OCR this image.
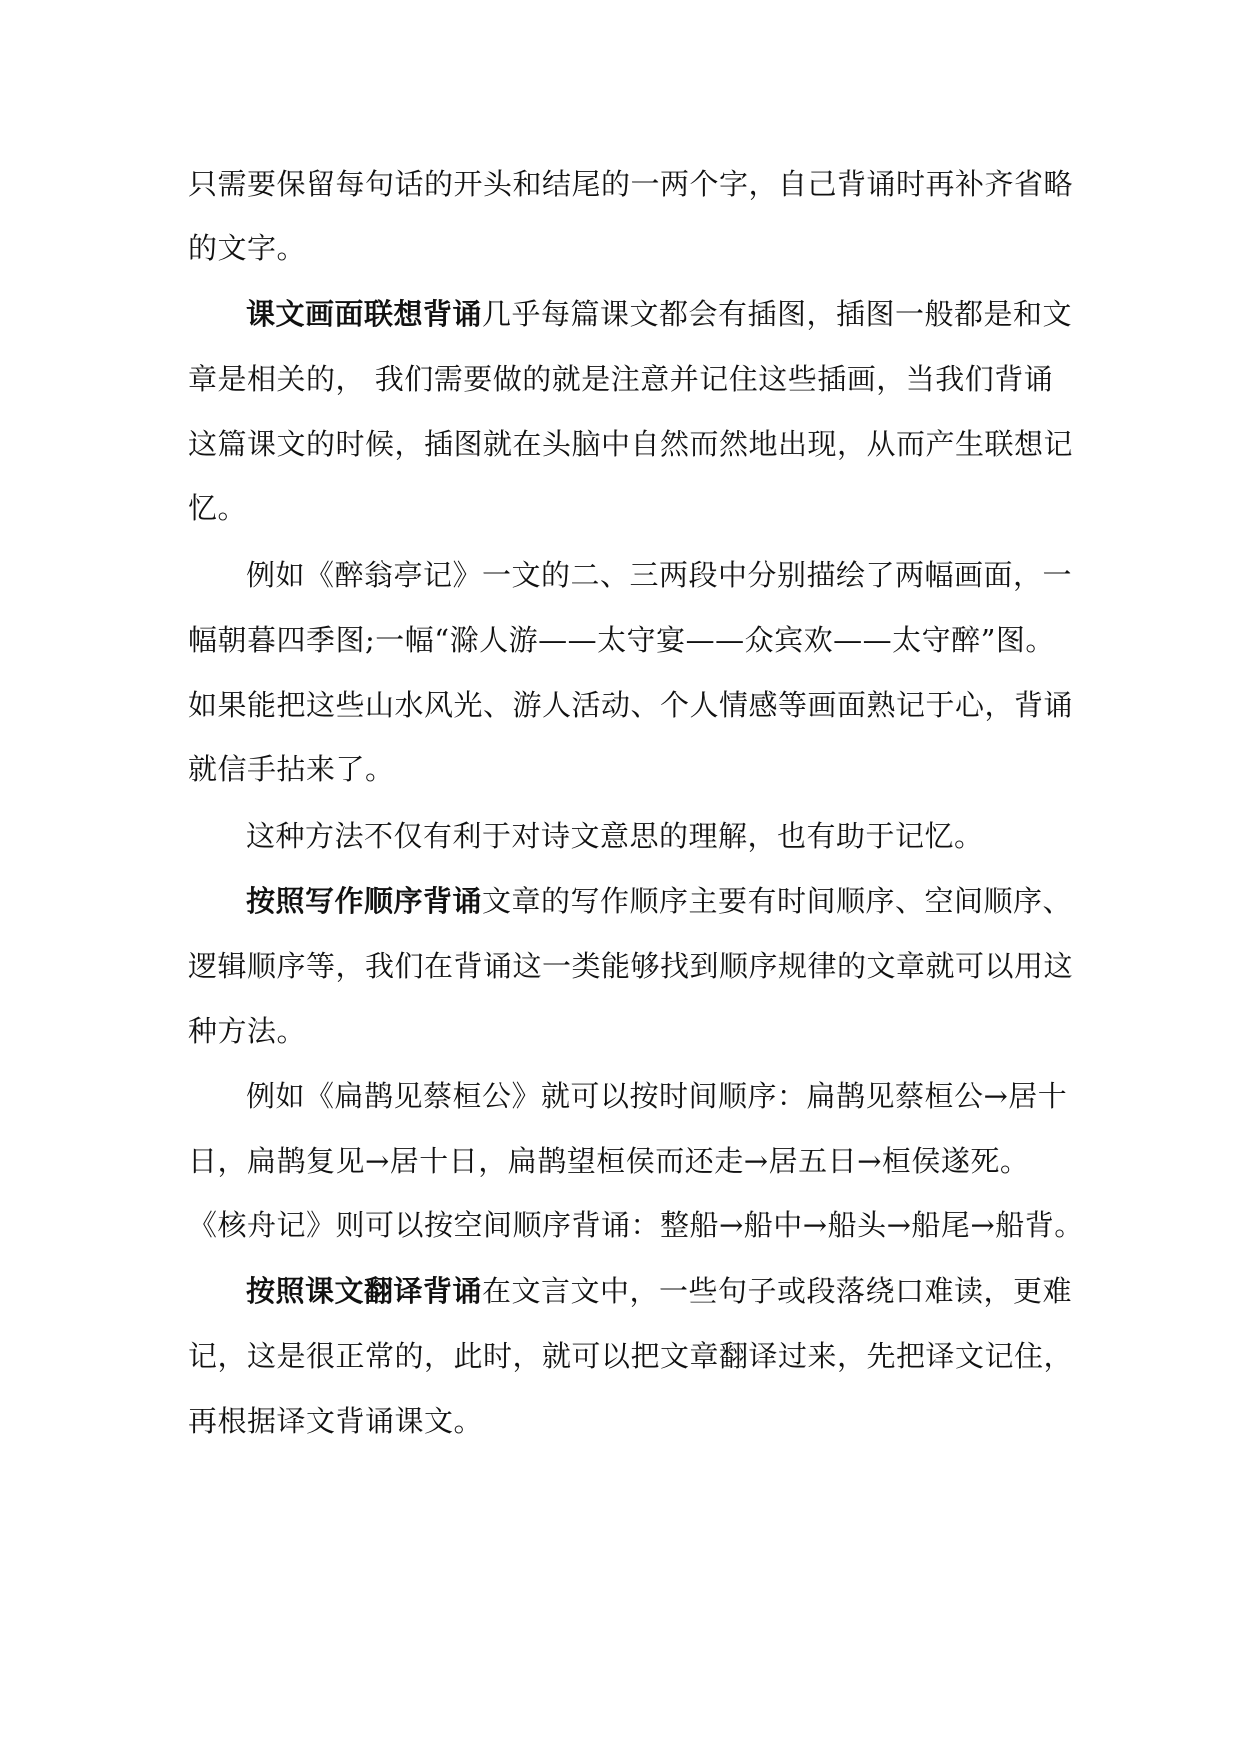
只需要保留每句话的开头和结尾的一两个字，自己背诵时再补齐省略
的文字。
课文画面联想背诵几乎每篇课文都会有插图，插图一般都是和文
章是相关的， 我们需要做的就是注意并记住这些插画，当我们背诵
这篇课文的时候，插图就在头脑中自然而然地出现，从而产生联想记
忆。
例如《醉翁亭记》一文的二、三两段中分别描绘了两幅画面，一
幅朝暮四季图;一幅“滁人游——太守宴——众宾欢——太守醉”图。
如果能把这些山水风光、游人活动、个人情感等画面熟记于心，背诵
就信手拈来了。
这种方法不仅有利于对诗文意思的理解，也有助于记忆。
按照写作顺序背诵文章的写作顺序主要有时间顺序、空间顺序、
逻辑顺序等，我们在背诵这一类能够找到顺序规律的文章就可以用这
种方法。
例如《扁鹊见蔡桓公》就可以按时间顺序：扁鹊见蔡桓公→居十
日，扁鹊复见→居十日，扁鹊望桓侯而还走→居五日→桓侯遂死。
《核舟记》则可以按空间顺序背诵：整船→船中→船头→船尾→船背。
按照课文翻译背诵在文言文中，一些句子或段落绕口难读，更难
记，这是很正常的，此时，就可以把文章翻译过来，先把译文记住，
再根据译文背诵课文。
